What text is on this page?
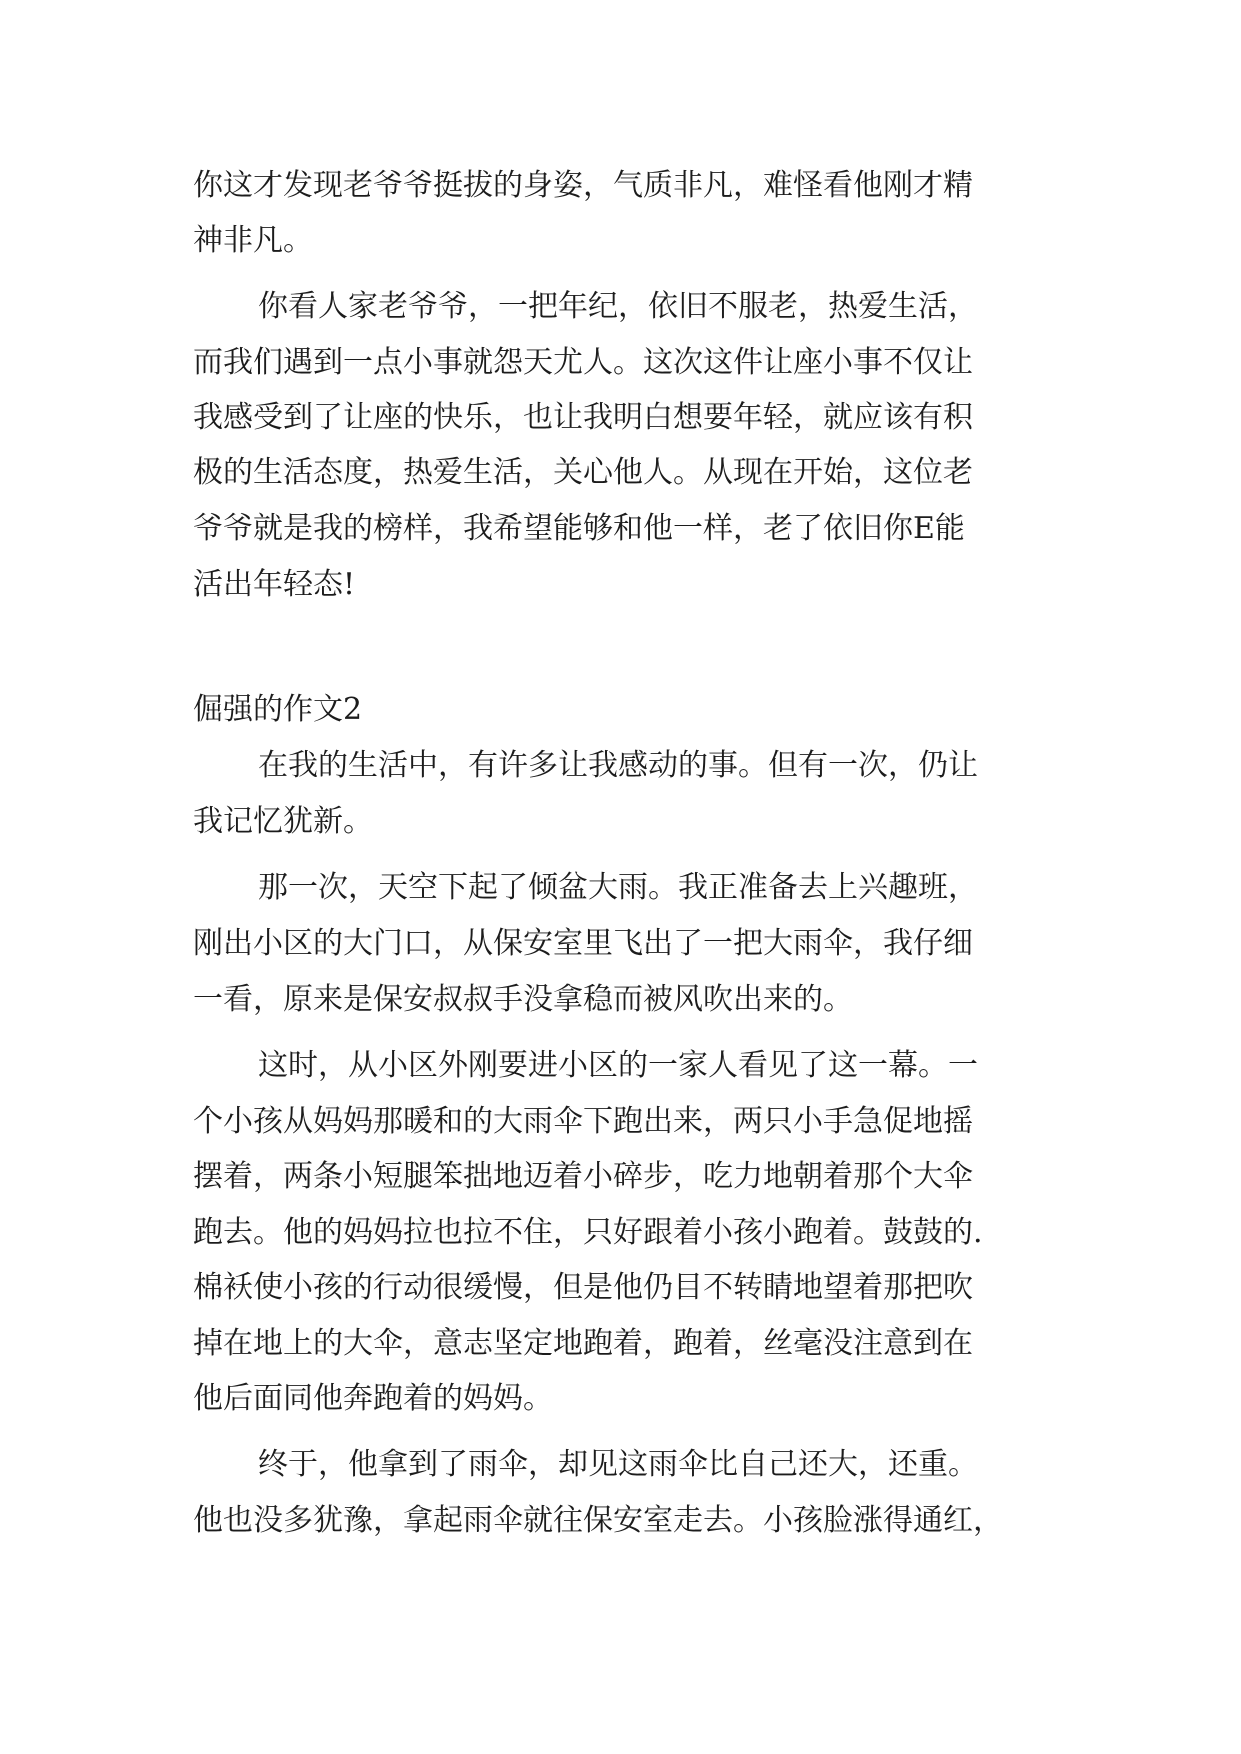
你这才发现老爷爷挺拔的身姿，气质非凡，难怪看他刚才精
神非凡。
你看人家老爷爷，一把年纪，依旧不服老，热爱生活，
而我们遇到一点小事就怨天尤人。这次这件让座小事不仅让
我感受到了让座的快乐，也让我明白想要年轻，就应该有积
极的生活态度，热爱生活，关心他人。从现在开始，这位老
爷爷就是我的榜样，我希望能够和他一样，老了依旧你E能
活出年轻态!
倔强的作文2
在我的生活中，有许多让我感动的事。但有一次，仍让
我记忆犹新。
那一次，天空下起了倾盆大雨。我正准备去上兴趣班，
刚出小区的大门口，从保安室里飞出了一把大雨伞，我仔细
一看，原来是保安叔叔手没拿稳而被风吹出来的。
这时，从小区外刚要进小区的一家人看见了这一幕。一
个小孩从妈妈那暖和的大雨伞下跑出来，两只小手急促地摇
摆着，两条小短腿笨拙地迈着小碎步，吃力地朝着那个大伞
跑去。他的妈妈拉也拉不住，只好跟着小孩小跑着。鼓鼓的.
棉袄使小孩的行动很缓慢，但是他仍目不转睛地望着那把吹
掉在地上的大伞，意志坚定地跑着，跑着，丝毫没注意到在
他后面同他奔跑着的妈妈。
终于，他拿到了雨伞，却见这雨伞比自己还大，还重。
他也没多犹豫，拿起雨伞就往保安室走去。小孩脸涨得通红，
